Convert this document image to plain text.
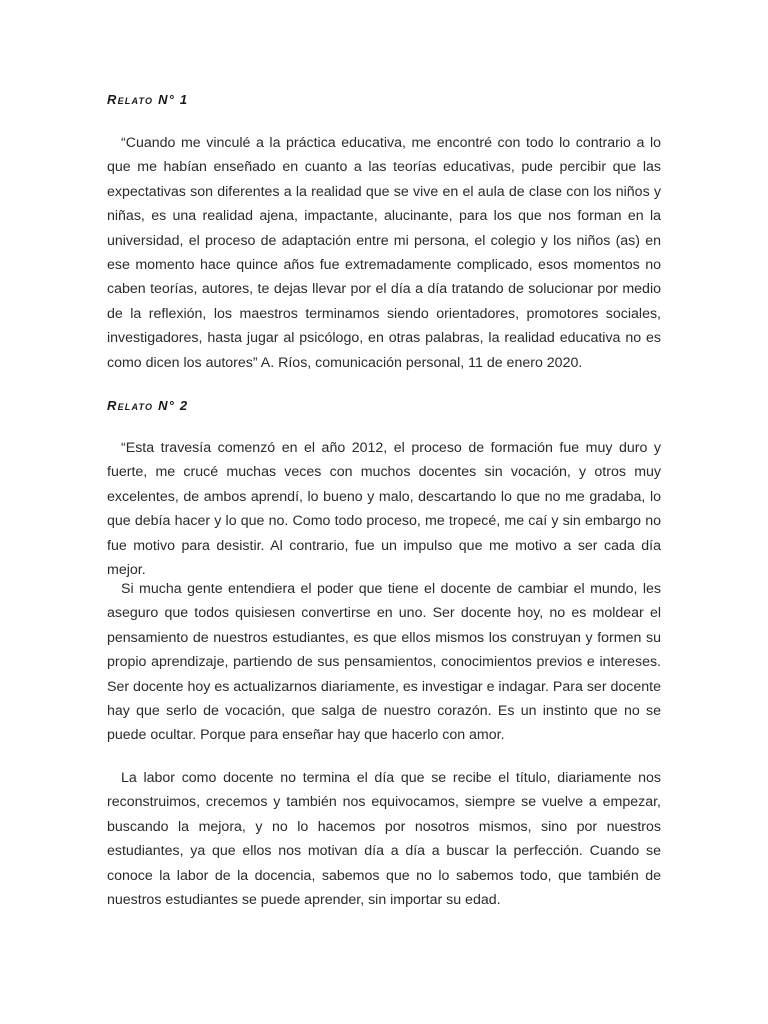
Relato N° 1

“Cuando me vinculé a la práctica educativa, me encontré con todo lo contrario a lo que me habían enseñado en cuanto a las teorías educativas, pude percibir que las expectativas son diferentes a la realidad que se vive en el aula de clase con los niños y niñas, es una realidad ajena, impactante, alucinante, para los que nos forman en la universidad, el proceso de adaptación entre mi persona, el colegio y los niños (as) en ese momento hace quince años fue extremadamente complicado, esos momentos no caben teorías, autores, te dejas llevar por el día a día tratando de solucionar por medio de la reflexión, los maestros terminamos siendo orientadores, promotores sociales, investigadores, hasta jugar al psicólogo, en otras palabras, la realidad educativa no es como dicen los autores” A. Ríos, comunicación personal, 11 de enero 2020.

Relato N° 2

“Esta travesía comenzó en el año 2012, el proceso de formación fue muy duro y fuerte, me crucé muchas veces con muchos docentes sin vocación, y otros muy excelentes, de ambos aprendí, lo bueno y malo, descartando lo que no me gradaba, lo que debía hacer y lo que no. Como todo proceso, me tropecé, me caí y sin embargo no fue motivo para desistir. Al contrario, fue un impulso que me motivo a ser cada día mejor.

Si mucha gente entendiera el poder que tiene el docente de cambiar el mundo, les aseguro que todos quisiesen convertirse en uno. Ser docente hoy, no es moldear el pensamiento de nuestros estudiantes, es que ellos mismos los construyan y formen su propio aprendizaje, partiendo de sus pensamientos, conocimientos previos e intereses. Ser docente hoy es actualizarnos diariamente, es investigar e indagar. Para ser docente hay que serlo de vocación, que salga de nuestro corazón. Es un instinto que no se puede ocultar. Porque para enseñar hay que hacerlo con amor.

La labor como docente no termina el día que se recibe el título, diariamente nos reconstruimos, crecemos y también nos equivocamos, siempre se vuelve a empezar, buscando la mejora, y no lo hacemos por nosotros mismos, sino por nuestros estudiantes, ya que ellos nos motivan día a día a buscar la perfección. Cuando se conoce la labor de la docencia, sabemos que no lo sabemos todo, que también de nuestros estudiantes se puede aprender, sin importar su edad.
